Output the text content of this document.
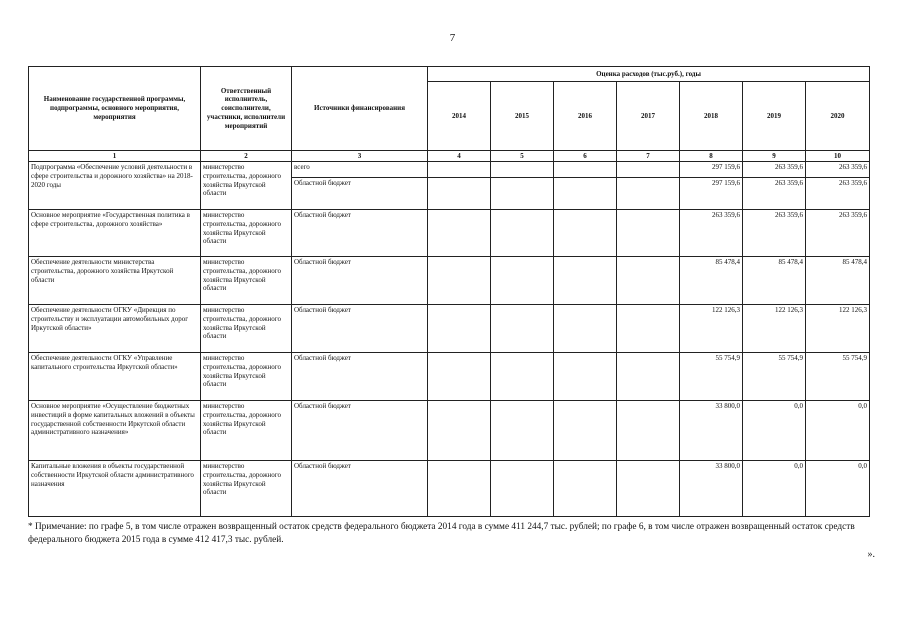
7
Наименование государственной программы, подпрограммы, основного мероприятия, мероприятия	Ответственный исполнитель, соисполнители, участники, исполнители мероприятий	Источники финансирования	Оценка расходов (тыс.руб.), годы						
			2014	2015	2016	2017	2018	2019	2020
1	2	3	4	5	6	7	8	9	10
Подпрограмма «Обеспечение условий деятельности в сфере строительства и дорожного хозяйства» на 2018-2020 годы	министерство строительства, дорожного хозяйства Иркутской области	всего					297 159,6	263 359,6	263 359,6
		Областной бюджет					297 159,6	263 359,6	263 359,6
Основное мероприятие «Государственная политика в сфере строительства, дорожного хозяйства»	министерство строительства, дорожного хозяйства Иркутской области	Областной бюджет					263 359,6	263 359,6	263 359,6
Обеспечение деятельности министерства строительства, дорожного хозяйства Иркутской области	министерство строительства, дорожного хозяйства Иркутской области	Областной бюджет					85 478,4	85 478,4	85 478,4
Обеспечение деятельности ОГКУ «Дирекция по строительству и эксплуатации автомобильных дорог Иркутской области»	министерство строительства, дорожного хозяйства Иркутской области	Областной бюджет					122 126,3	122 126,3	122 126,3
Обеспечение деятельности ОГКУ «Управление капитального строительства Иркутской области»	министерство строительства, дорожного хозяйства Иркутской области	Областной бюджет					55 754,9	55 754,9	55 754,9
Основное мероприятие «Осуществление бюджетных инвестиций в форме капитальных вложений в объекты государственной собственности Иркутской области административного назначения»	министерство строительства, дорожного хозяйства Иркутской области	Областной бюджет					33 800,0	0,0	0,0
Капитальные вложения в объекты государственной собственности Иркутской области административного назначения	министерство строительства, дорожного хозяйства Иркутской области	Областной бюджет					33 800,0	0,0	0,0
* Примечание: по графе 5, в том числе отражен возвращенный остаток средств федерального бюджета 2014 года в сумме 411 244,7 тыс. рублей; по графе 6, в том числе отражен возвращенный остаток средств федерального бюджета 2015 года в сумме 412 417,3 тыс. рублей.
».
